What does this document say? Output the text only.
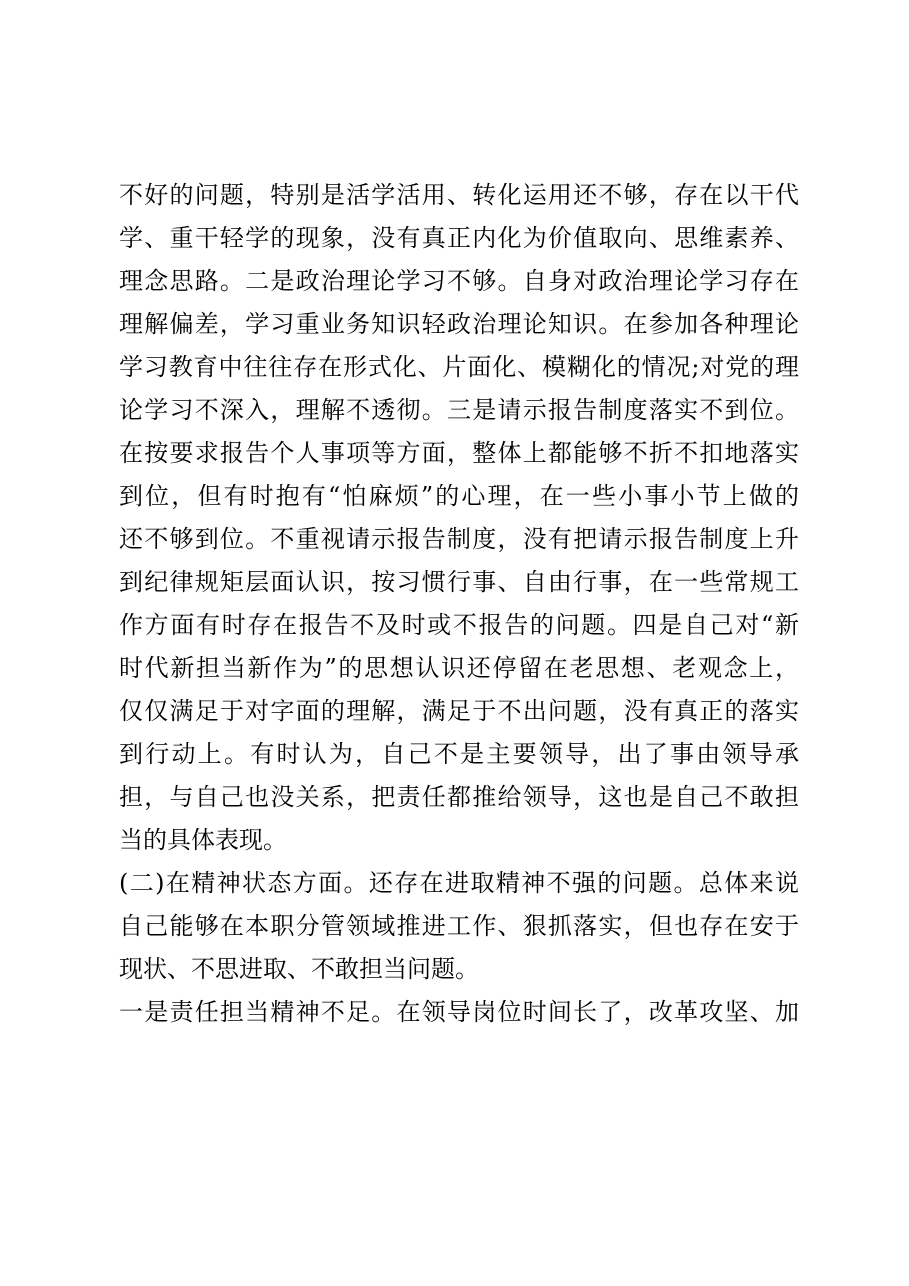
不好的问题，特别是活学活用、转化运用还不够，存在以干代
学、重干轻学的现象，没有真正内化为价值取向、思维素养、
理念思路。二是政治理论学习不够。自身对政治理论学习存在
理解偏差，学习重业务知识轻政治理论知识。在参加各种理论
学习教育中往往存在形式化、片面化、模糊化的情况;对党的理
论学习不深入，理解不透彻。三是请示报告制度落实不到位。
在按要求报告个人事项等方面，整体上都能够不折不扣地落实
到位，但有时抱有“怕麻烦”的心理，在一些小事小节上做的
还不够到位。不重视请示报告制度，没有把请示报告制度上升
到纪律规矩层面认识，按习惯行事、自由行事，在一些常规工
作方面有时存在报告不及时或不报告的问题。四是自己对“新
时代新担当新作为”的思想认识还停留在老思想、老观念上，
仅仅满足于对字面的理解，满足于不出问题，没有真正的落实
到行动上。有时认为，自己不是主要领导，出了事由领导承
担，与自己也没关系，把责任都推给领导，这也是自己不敢担
当的具体表现。
(二)在精神状态方面。还存在进取精神不强的问题。总体来说
自己能够在本职分管领域推进工作、狠抓落实，但也存在安于
现状、不思进取、不敢担当问题。
一是责任担当精神不足。在领导岗位时间长了，改革攻坚、加
